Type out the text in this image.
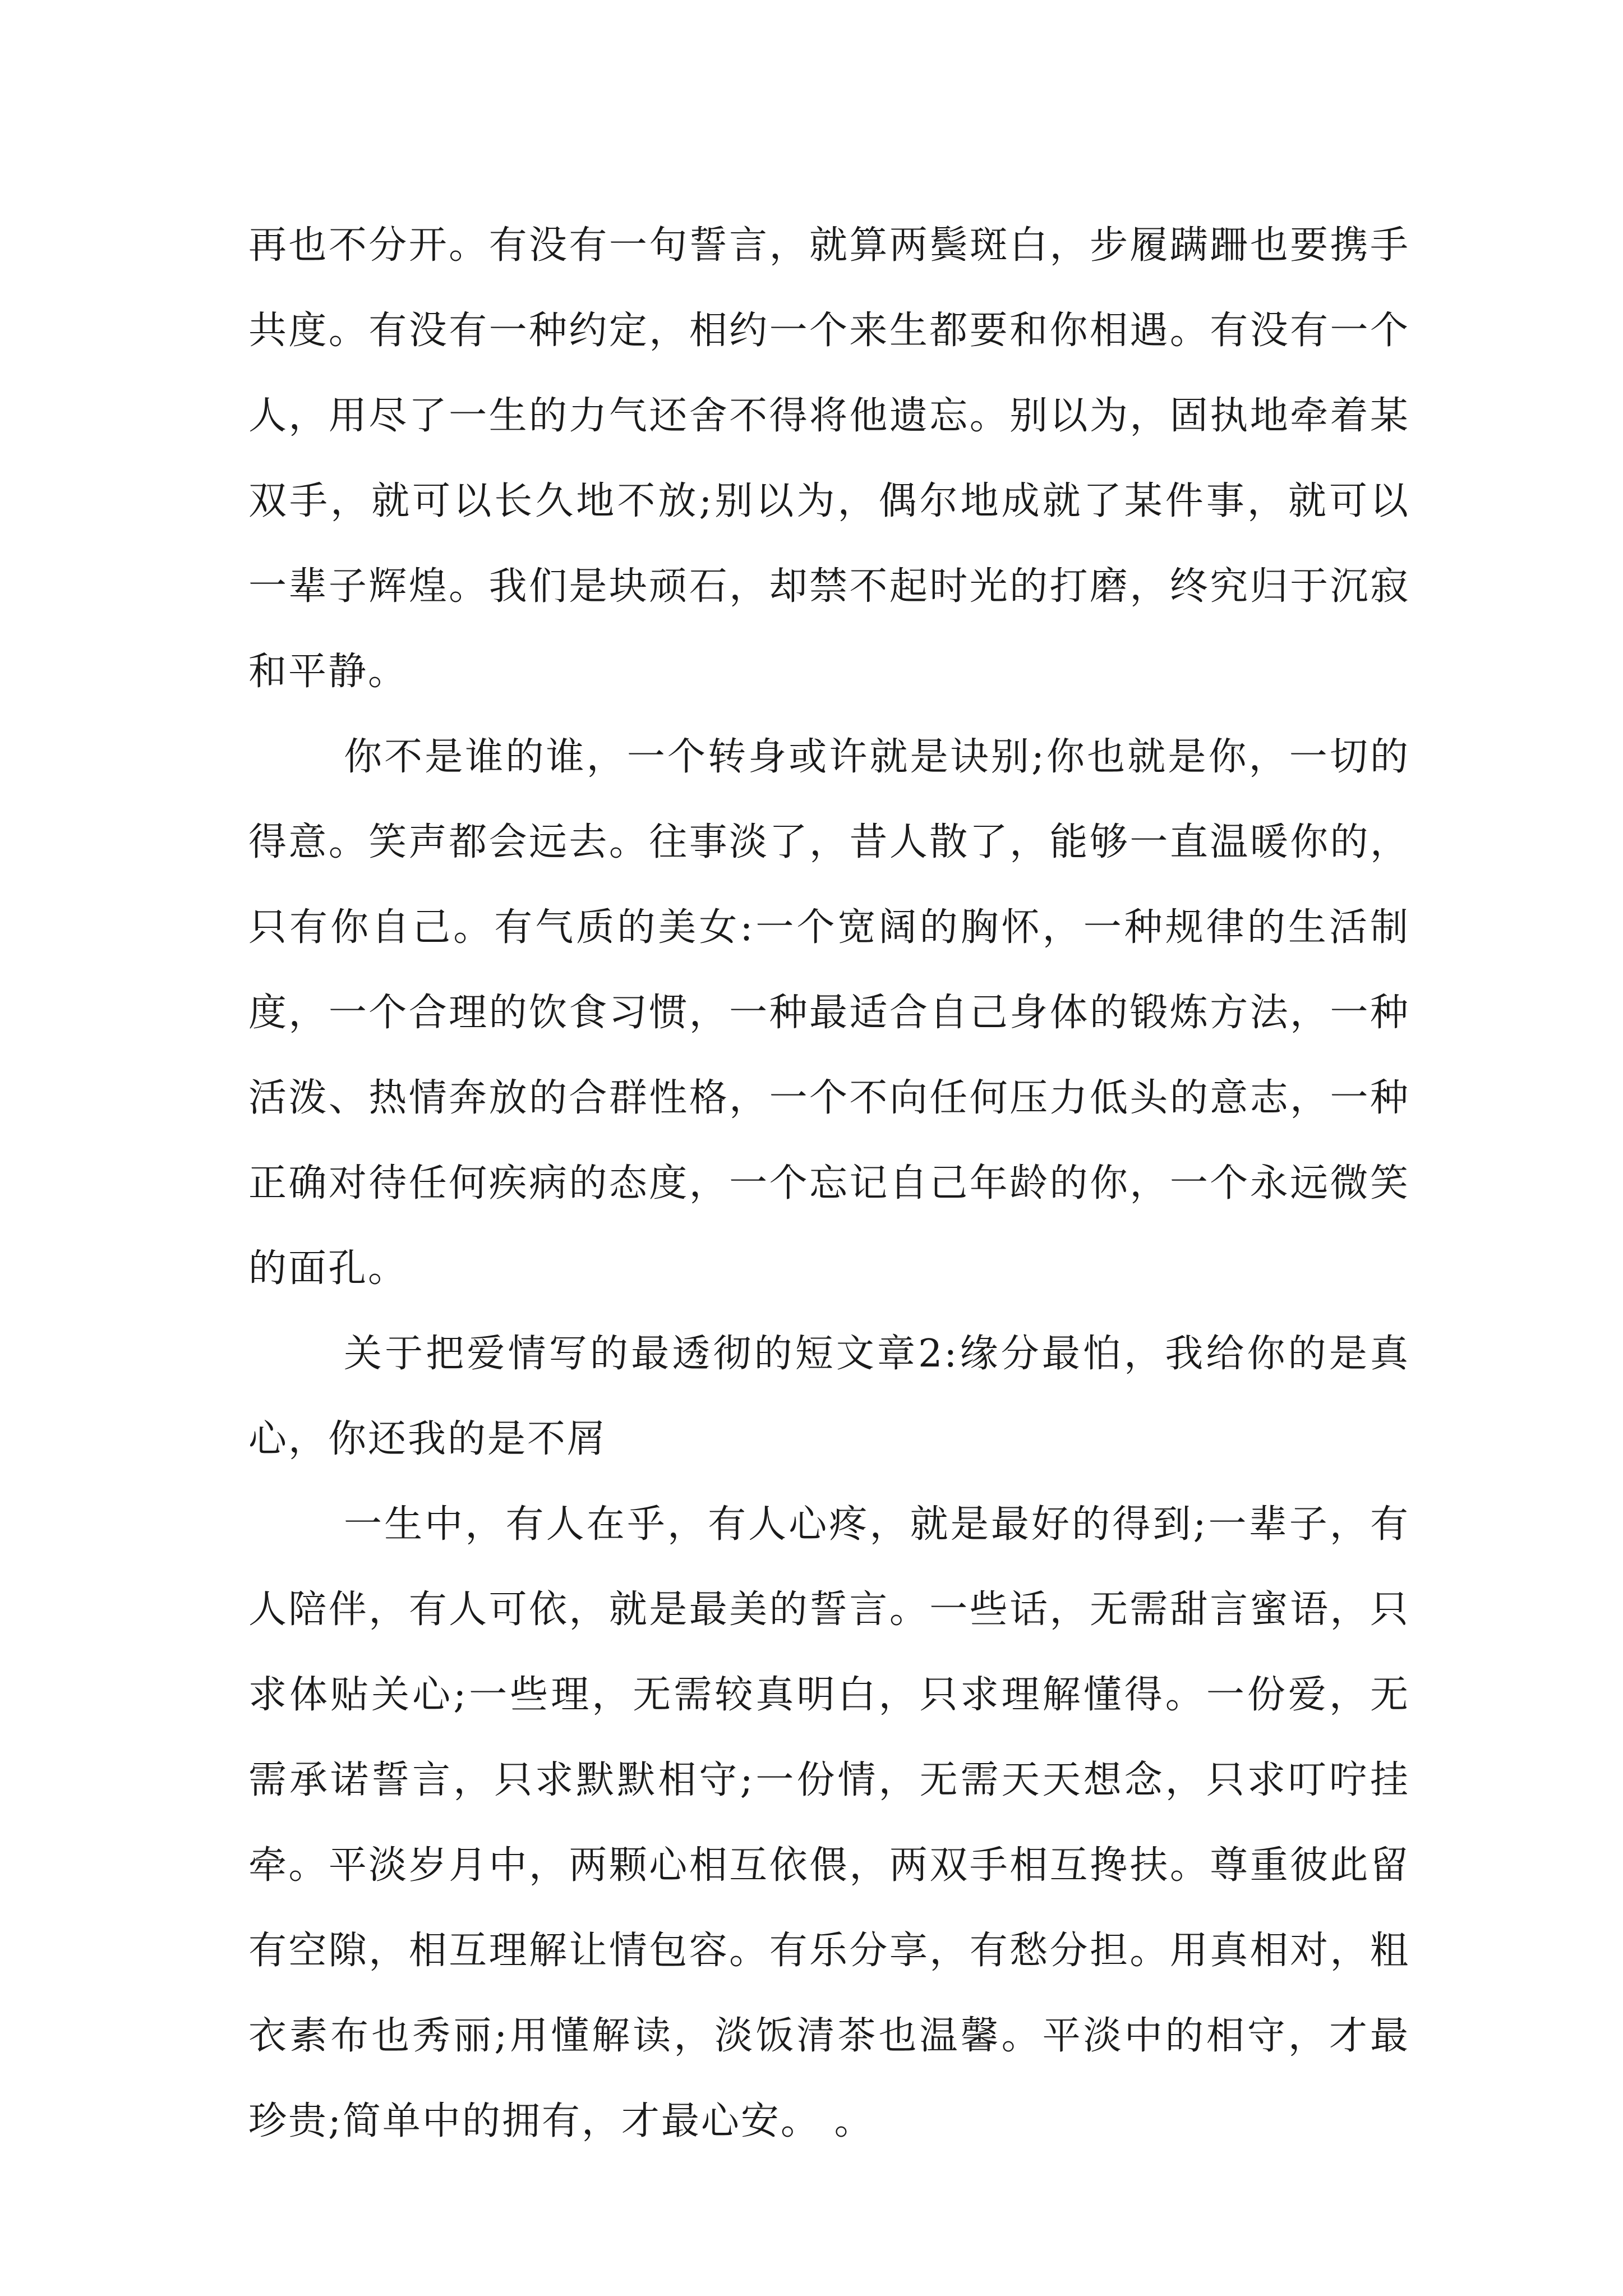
再也不分开。有没有一句誓言，就算两鬓斑白，步履蹒跚也要携手共度。有没有一种约定，相约一个来生都要和你相遇。有没有一个人，用尽了一生的力气还舍不得将他遗忘。别以为，固执地牵着某双手，就可以长久地不放;别以为，偶尔地成就了某件事，就可以一辈子辉煌。我们是块顽石，却禁不起时光的打磨，终究归于沉寂和平静。

你不是谁的谁，一个转身或许就是诀别;你也就是你，一切的得意。笑声都会远去。往事淡了，昔人散了，能够一直温暖你的，只有你自己。有气质的美女:一个宽阔的胸怀，一种规律的生活制度，一个合理的饮食习惯，一种最适合自己身体的锻炼方法，一种活泼、热情奔放的合群性格，一个不向任何压力低头的意志，一种正确对待任何疾病的态度，一个忘记自己年龄的你，一个永远微笑的面孔。

关于把爱情写的最透彻的短文章2:缘分最怕，我给你的是真心，你还我的是不屑

一生中，有人在乎，有人心疼，就是最好的得到;一辈子，有人陪伴，有人可依，就是最美的誓言。一些话，无需甜言蜜语，只求体贴关心;一些理，无需较真明白，只求理解懂得。一份爱，无需承诺誓言，只求默默相守;一份情，无需天天想念，只求叮咛挂牵。平淡岁月中，两颗心相互依偎，两双手相互搀扶。尊重彼此留有空隙，相互理解让情包容。有乐分享，有愁分担。用真相对，粗衣素布也秀丽;用懂解读，淡饭清茶也温馨。平淡中的相守，才最珍贵;简单中的拥有，才最心安。 。
